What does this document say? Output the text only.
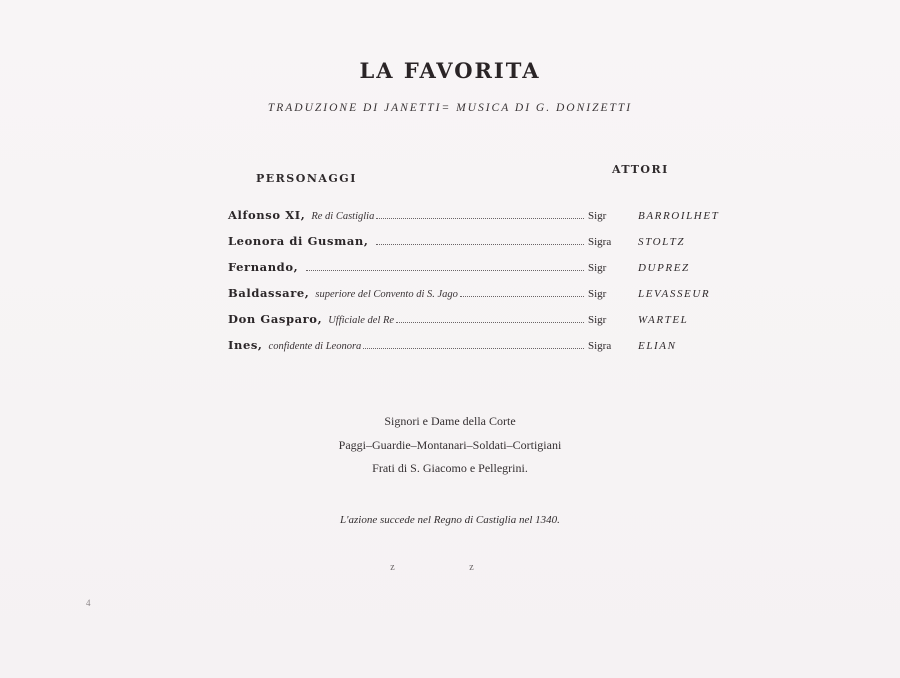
LA FAVORITA
TRADUZIONE DI JANETTI= MUSICA DI G. DONIZETTI
PERSONAGGI
ATTORI
Alfonso XI, Re di Castiglia	Sigr	BARROILHET
Leonora di Gusman,	Sigra	STOLTZ
Fernando,	Sigr	DUPREZ
Baldassare, superiore del Convento di S. Jago	Sigr	LEVASSEUR
Don Gasparo, Ufficiale del Re	Sigr	WARTEL
Ines, confidente di Leonora	Sigra	ELIAN
Signori e Dame della Corte
Paggi–Guardie–Montanari–Soldati–Cortigiani
Frati di S. Giacomo e Pellegrini.
L'azione succede nel Regno di Castiglia nel 1340.
z z
4
